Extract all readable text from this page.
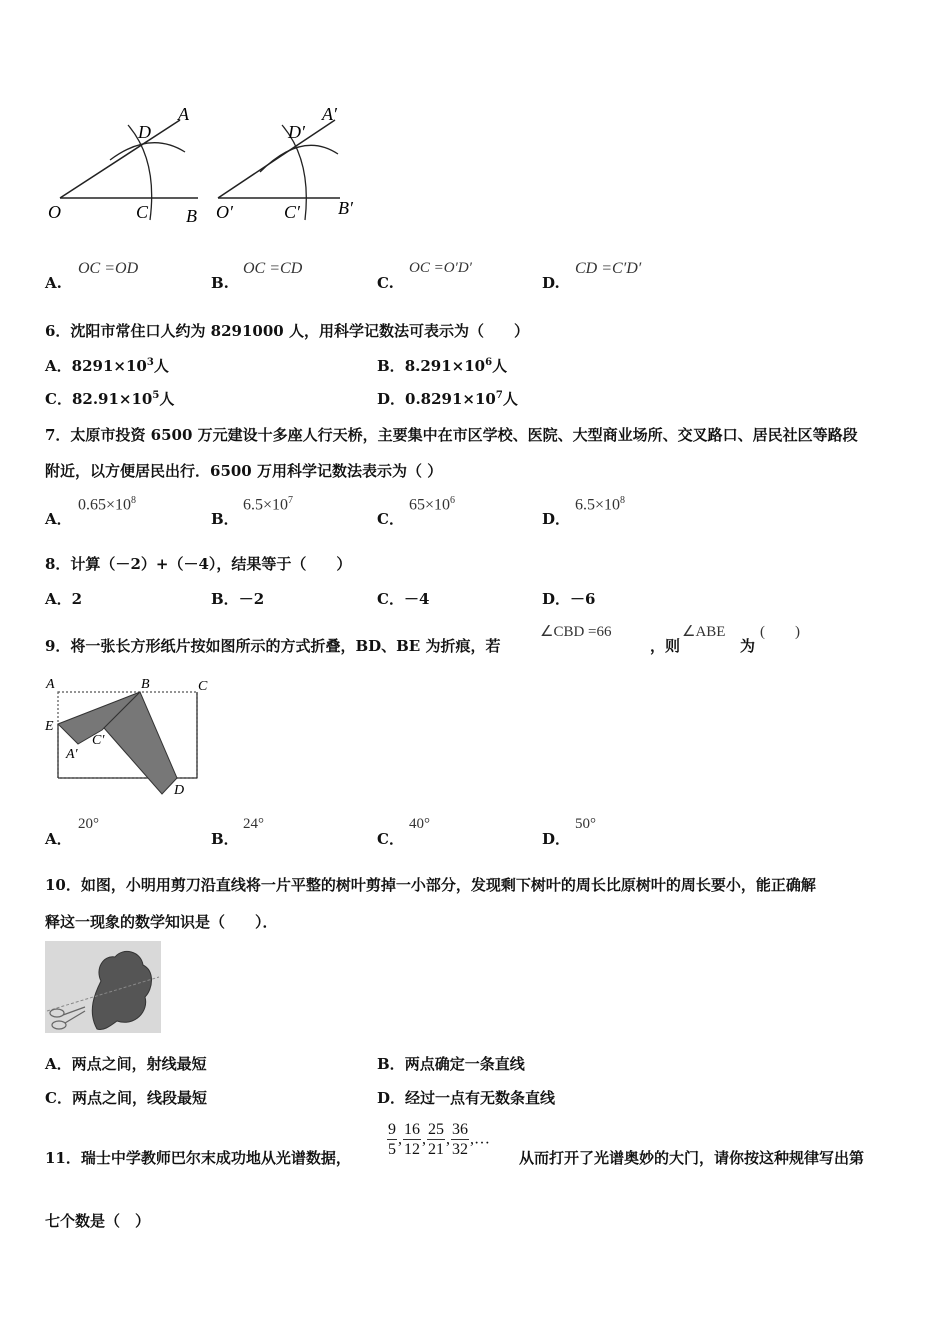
D
A
O	C B
D′
A′
O′	C′ B′
A.
OC =OD
B.
OC =CD
C.
OC =O′D′
D.
CD =C′D′
6．沈阳市常住口人约为 8291000 人，用科学记数法可表示为（　　）
A．$8291\times 10^3$人	B．$8.291\times 10^6$人
C．$82.91\times 10^5$人	D．$0.8291\times 10^7$人
7．太原市投资 6500 万元建设十多座人行天桥，主要集中在市区学校、医院、大型商业场所、交叉路口、居民社区等路段
附近，以方便居民出行．6500 万用科学记数法表示为（ ）
A．
$0.65\times 10^8$
B．
$6.5\times 10^7$
C．
$65\times 10^6$
D．
$6.5\times 10^8$
8．计算（－2）+（－4），结果等于（　　）
A．2	B．－2	C．－4	D．－6
9．将一张长方形纸片按如图所示的方式折叠，BD、BE 为折痕，若
∠CBD =66
，则
∠ABE
为
(　　)
A	B	C
E
A′
C′
D
A．
20°
B．
24°
C．
40°
D．
50°
10．如图，小明用剪刀沿直线将一片平整的树叶剪掉一小部分，发现剩下树叶的周长比原树叶的周长要小，能正确解
释这一现象的数学知识是（　　）．
A．两点之间，射线最短	B．两点确定一条直线
C．两点之间，线段最短	D．经过一点有无数条直线
11．瑞士中学教师巴尔末成功地从光谱数据， $\frac{9}{5}$ , $\frac{16}{12}$ , $\frac{25}{21}$ , $\frac{36}{32}$ ,…
从而打开了光谱奥妙的大门，请你按这种规律写出第
七个数是（　）
